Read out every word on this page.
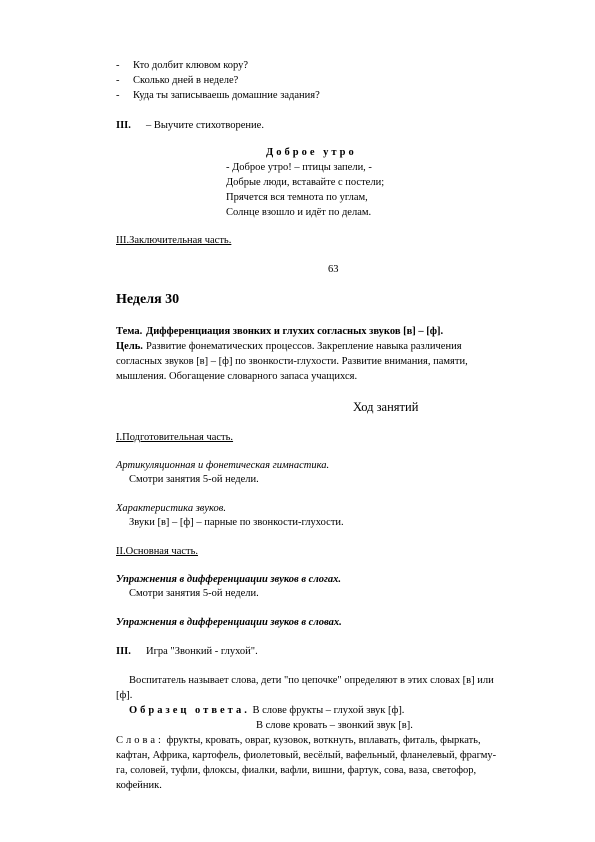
- Кто долбит клювом кору?
- Сколько дней в неделе?
- Куда ты записываешь домашние задания?
III. – Выучите стихотворение.
Доброе утро
- Доброе утро! – птицы запели, -
Добрые люди, вставайте с постели;
Прячется вся темнота по углам,
Солнце взошло и идёт по делам.
III.Заключительная часть.
63
Неделя 30
Тема. Дифференциация звонких и глухих согласных звуков [в] – [ф].
Цель. Развитие фонематических процессов. Закрепление навыка различения
согласных звуков [в] – [ф] по звонкости-глухости. Развитие внимания, памяти,
мышления. Обогащение словарного запаса учащихся.
Ход занятий
I.Подготовительная часть.
Артикуляционная и фонетическая гимнастика.
Смотри занятия 5-ой недели.
Характеристика звуков.
Звуки [в] – [ф] – парные по звонкости-глухости.
II.Основная часть.
Упражнения в дифференциации звуков в слогах.
Смотри занятия 5-ой недели.
Упражнения в дифференциации звуков в словах.
III. Игра "Звонкий - глухой".
Воспитатель называет слова, дети "по цепочке" определяют в этих словах [в] или
[ф].
Образец ответа. В слове фрукты – глухой звук [ф].
В слове кровать – звонкий звук [в].
Слова: фрукты, кровать, овраг, кузовок, воткнуть, вплавать, фиталь, фыркать,
кафтан, Африка, картофель, фиолетовый, весёлый, вафельный, фланелевый, фрагму-
га, соловей, туфли, флоксы, фиалки, вафли, вишни, фартук, сова, ваза, светофор,
кофейник.
